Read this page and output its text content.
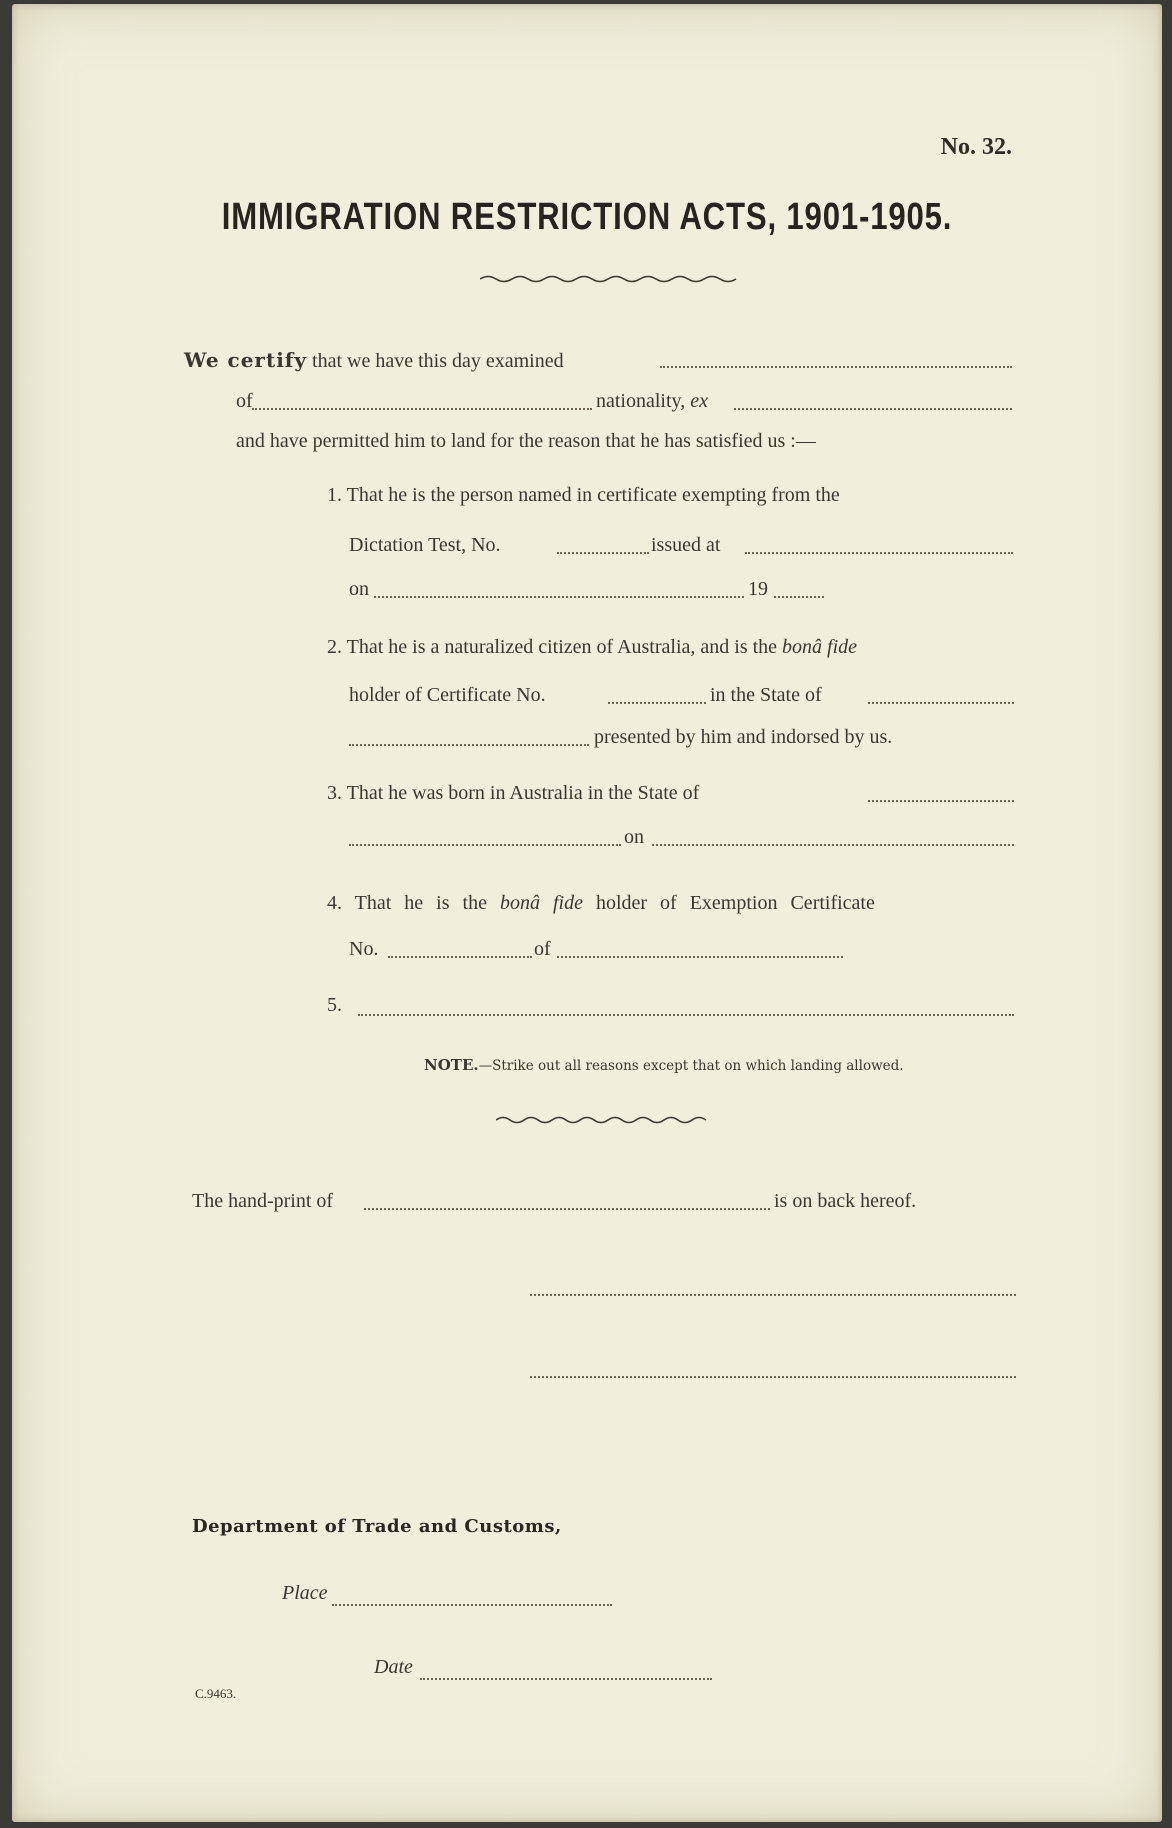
No. 32.
IMMIGRATION RESTRICTION ACTS, 1901-1905.
We certify that we have this day examined
of	nationality, ex
and have permitted him to land for the reason that he has satisfied us :—
1. That he is the person named in certificate exempting from the
Dictation Test, No.	issued at
on	19
2. That he is a naturalized citizen of Australia, and is the bonâ fide
holder of Certificate No.	in the State of
presented by him and indorsed by us.
3. That he was born in Australia in the State of
on
4. That he is the bonâ fide holder of Exemption Certificate
No.	of
5.
NOTE.—Strike out all reasons except that on which landing allowed.
The hand-print of	is on back hereof.
Department of Trade and Customs,
Place
Date
C.9463.
